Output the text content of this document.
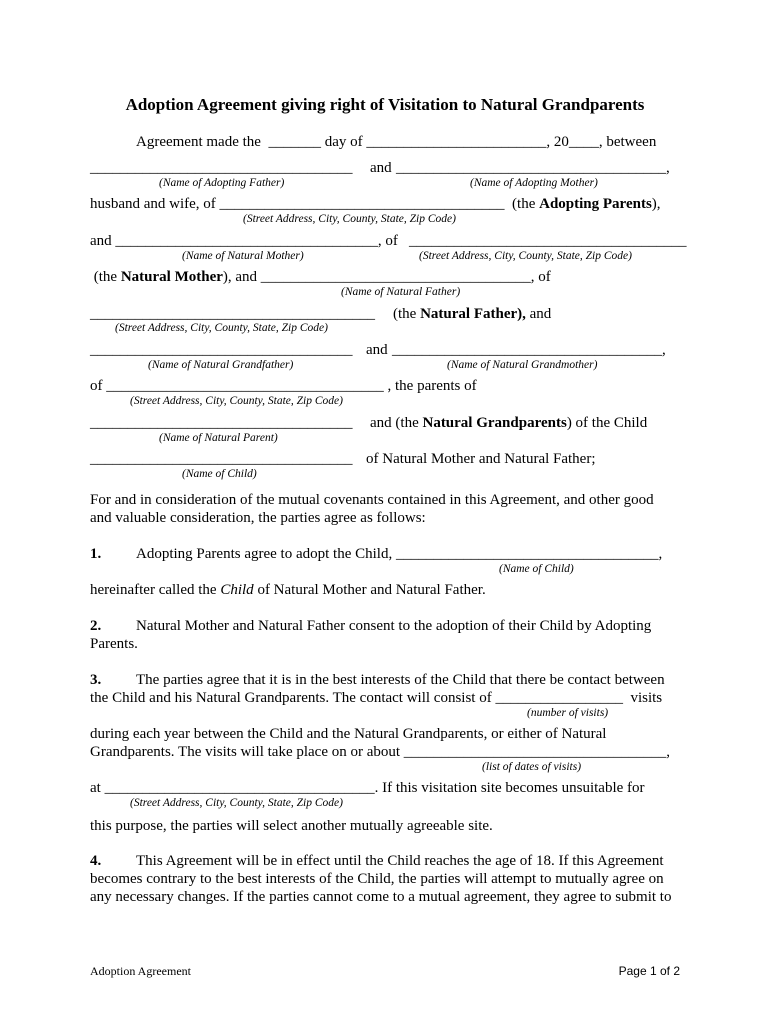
Adoption Agreement giving right of Visitation to Natural Grandparents
Agreement made the  _______ day of ________________________, 20____, between
___________________________________ and ____________________________________,
(Name of Adopting Father)	(Name of Adopting Mother)
husband and wife, of ______________________________________  (the Adopting Parents),
(Street Address, City, County, State, Zip Code)
and ___________________________________, of _____________________________________
(Name of Natural Mother)	(Street Address, City, County, State, Zip Code)
(the Natural Mother), and ____________________________________, of
(Name of Natural Father)
______________________________________ (the Natural Father), and
(Street Address, City, County, State, Zip Code)
___________________________________ and ____________________________________,
(Name of Natural Grandfather)	(Name of Natural Grandmother)
of _____________________________________ , the parents of
(Street Address, City, County, State, Zip Code)
___________________________________ and (the Natural Grandparents) of the Child
(Name of Natural Parent)
___________________________________ of Natural Mother and Natural Father;
(Name of Child)
For and in consideration of the mutual covenants contained in this Agreement, and other good
and valuable consideration, the parties agree as follows:
1. Adopting Parents agree to adopt the Child, ___________________________________,
(Name of Child)
hereinafter called the Child of Natural Mother and Natural Father.
2. Natural Mother and Natural Father consent to the adoption of their Child by Adopting
Parents.
3. The parties agree that it is in the best interests of the Child that there be contact between
the Child and his Natural Grandparents. The contact will consist of _________________  visits
(number of visits)
during each year between the Child and the Natural Grandparents, or either of Natural
Grandparents. The visits will take place on or about ___________________________________,
(list of dates of visits)
at ____________________________________. If this visitation site becomes unsuitable for
(Street Address, City, County, State, Zip Code)
this purpose, the parties will select another mutually agreeable site.
4. This Agreement will be in effect until the Child reaches the age of 18. If this Agreement
becomes contrary to the best interests of the Child, the parties will attempt to mutually agree on
any necessary changes. If the parties cannot come to a mutual agreement, they agree to submit to
Adoption Agreement	Page 1 of 2
